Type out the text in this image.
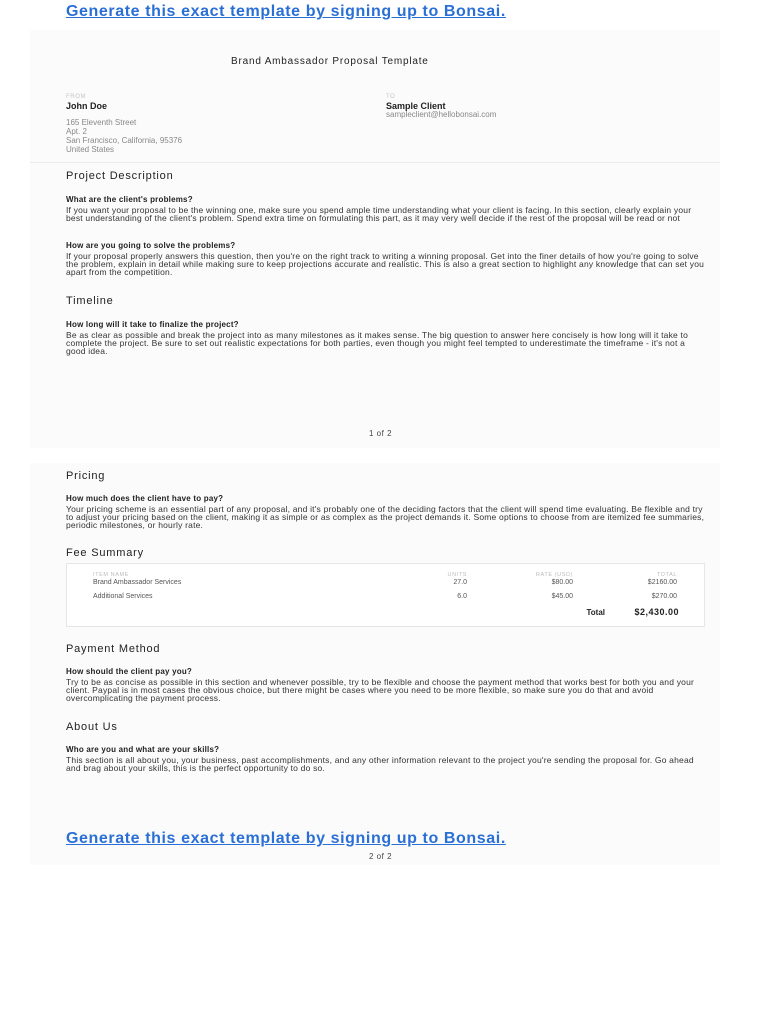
Generate this exact template by signing up to Bonsai.
Brand Ambassador Proposal Template
FROM
John Doe
165 Eleventh Street
Apt. 2
San Francisco, California, 95376
United States
TO
Sample Client
sampleclient@hellobonsai.com
Project Description
What are the client's problems?
If you want your proposal to be the winning one, make sure you spend ample time understanding what your client is facing. In this section, clearly explain your best understanding of the client's problem. Spend extra time on formulating this part, as it may very well decide if the rest of the proposal will be read or not
How are you going to solve the problems?
If your proposal properly answers this question, then you're on the right track to writing a winning proposal. Get into the finer details of how you're going to solve the problem, explain in detail while making sure to keep projections accurate and realistic. This is also a great section to highlight any knowledge that can set you apart from the competition.
Timeline
How long will it take to finalize the project?
Be as clear as possible and break the project into as many milestones as it makes sense. The big question to answer here concisely is how long will it take to complete the project. Be sure to set out realistic expectations for both parties, even though you might feel tempted to underestimate the timeframe - it's not a good idea.
1 of 2
Pricing
How much does the client have to pay?
Your pricing scheme is an essential part of any proposal, and it's probably one of the deciding factors that the client will spend time evaluating. Be flexible and try to adjust your pricing based on the client, making it as simple or as complex as the project demands it. Some options to choose from are itemized fee summaries, periodic milestones, or hourly rate.
Fee Summary
ITEM NAME	UNITS	RATE (USD)	TOTAL
Brand Ambassador Services	27.0	$80.00	$2160.00
Additional Services	6.0	$45.00	$270.00
Total	$2,430.00
Payment Method
How should the client pay you?
Try to be as concise as possible in this section and whenever possible, try to be flexible and choose the payment method that works best for both you and your client. Paypal is in most cases the obvious choice, but there might be cases where you need to be more flexible, so make sure you do that and avoid overcomplicating the payment process.
About Us
Who are you and what are your skills?
This section is all about you, your business, past accomplishments, and any other information relevant to the project you're sending the proposal for. Go ahead and brag about your skills, this is the perfect opportunity to do so.
Generate this exact template by signing up to Bonsai.
2 of 2
